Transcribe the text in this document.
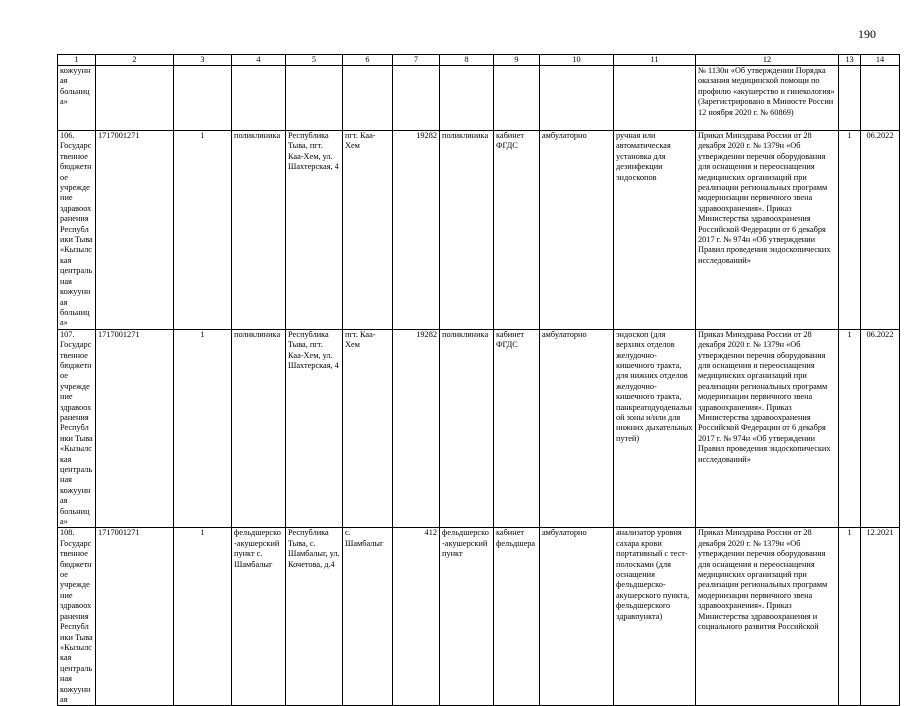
190
1	2	3	4	5	6	7	8	9	10	11	12	13	14
кожуунная больница»											№ 1130н «Об утверждении Порядка оказания медицинской помощи по профилю «акушерство и гинекология» (Зарегистрировано в Минюсте России 12 ноября 2020 г. № 60869)		
106. Государственное бюджетное учреждение здравоохранения Республики Тыва «Кызылская центральная кожуунная больница»	1717001271	1	поликлиника	Республика Тыва, пгт. Каа-Хем, ул. Шахтерская, 4	пгт. Каа-Хем	19282	поликлиника	кабинет ФГДС	амбулаторно	ручная или автоматическая установка для дезинфекции эндоскопов	Приказ Минздрава России от 28 декабря 2020 г. № 1379н «Об утверждении перечня оборудования для оснащения и переоснащения медицинских организаций при реализации региональных программ модернизации первичного звена здравоохранения». Приказ Министерства здравоохранения Российской Федерации от 6 декабря 2017 г. № 974н «Об утверждении Правил проведения эндоскопических исследований»	1	06.2022
107. Государственное бюджетное учреждение здравоохранения Республики Тыва «Кызылская центральная кожуунная больница»	1717001271	1	поликлиника	Республика Тыва, пгт. Каа-Хем, ул. Шахтерская, 4	пгт. Каа-Хем	19282	поликлиника	кабинет ФГДС	амбулаторно	эндоскоп (для верхних отделов желудочно-кишечного тракта, для нижних отделов желудочно-кишечного тракта, панкреатодуоденальной зоны и/или для нижних дыхательных путей)	Приказ Минздрава России от 28 декабря 2020 г. № 1379н «Об утверждении перечня оборудования для оснащения и переоснащения медицинских организаций при реализации региональных программ модернизации первичного звена здравоохранения». Приказ Министерства здравоохранения Российской Федерации от 6 декабря 2017 г. № 974н «Об утверждении Правил проведения эндоскопических исследований»	1	06.2022
108. Государственное бюджетное учреждение здравоохранения Республики Тыва «Кызылская центральная кожуунная	1717001271	1	фельдшерско-акушерский пункт с. Шамбалыг	Республика Тыва, с. Шамбалыг, ул. Кочетова, д.4	с. Шамбалыг	412	фельдшерско-акушерский пункт	кабинет фельдшера	амбулаторно	анализатор уровня сахара крови портативный с тест-полосками (для оснащения фельдшерско-акушерского пункта, фельдшерского здравпункта)	Приказ Минздрава России от 28 декабря 2020 г. № 1379н «Об утверждении перечня оборудования для оснащения и переоснащения медицинских организаций при реализации региональных программ модернизации первичного звена здравоохранения». Приказ Министерства здравоохранения и социального развития Российской	1	12.2021
